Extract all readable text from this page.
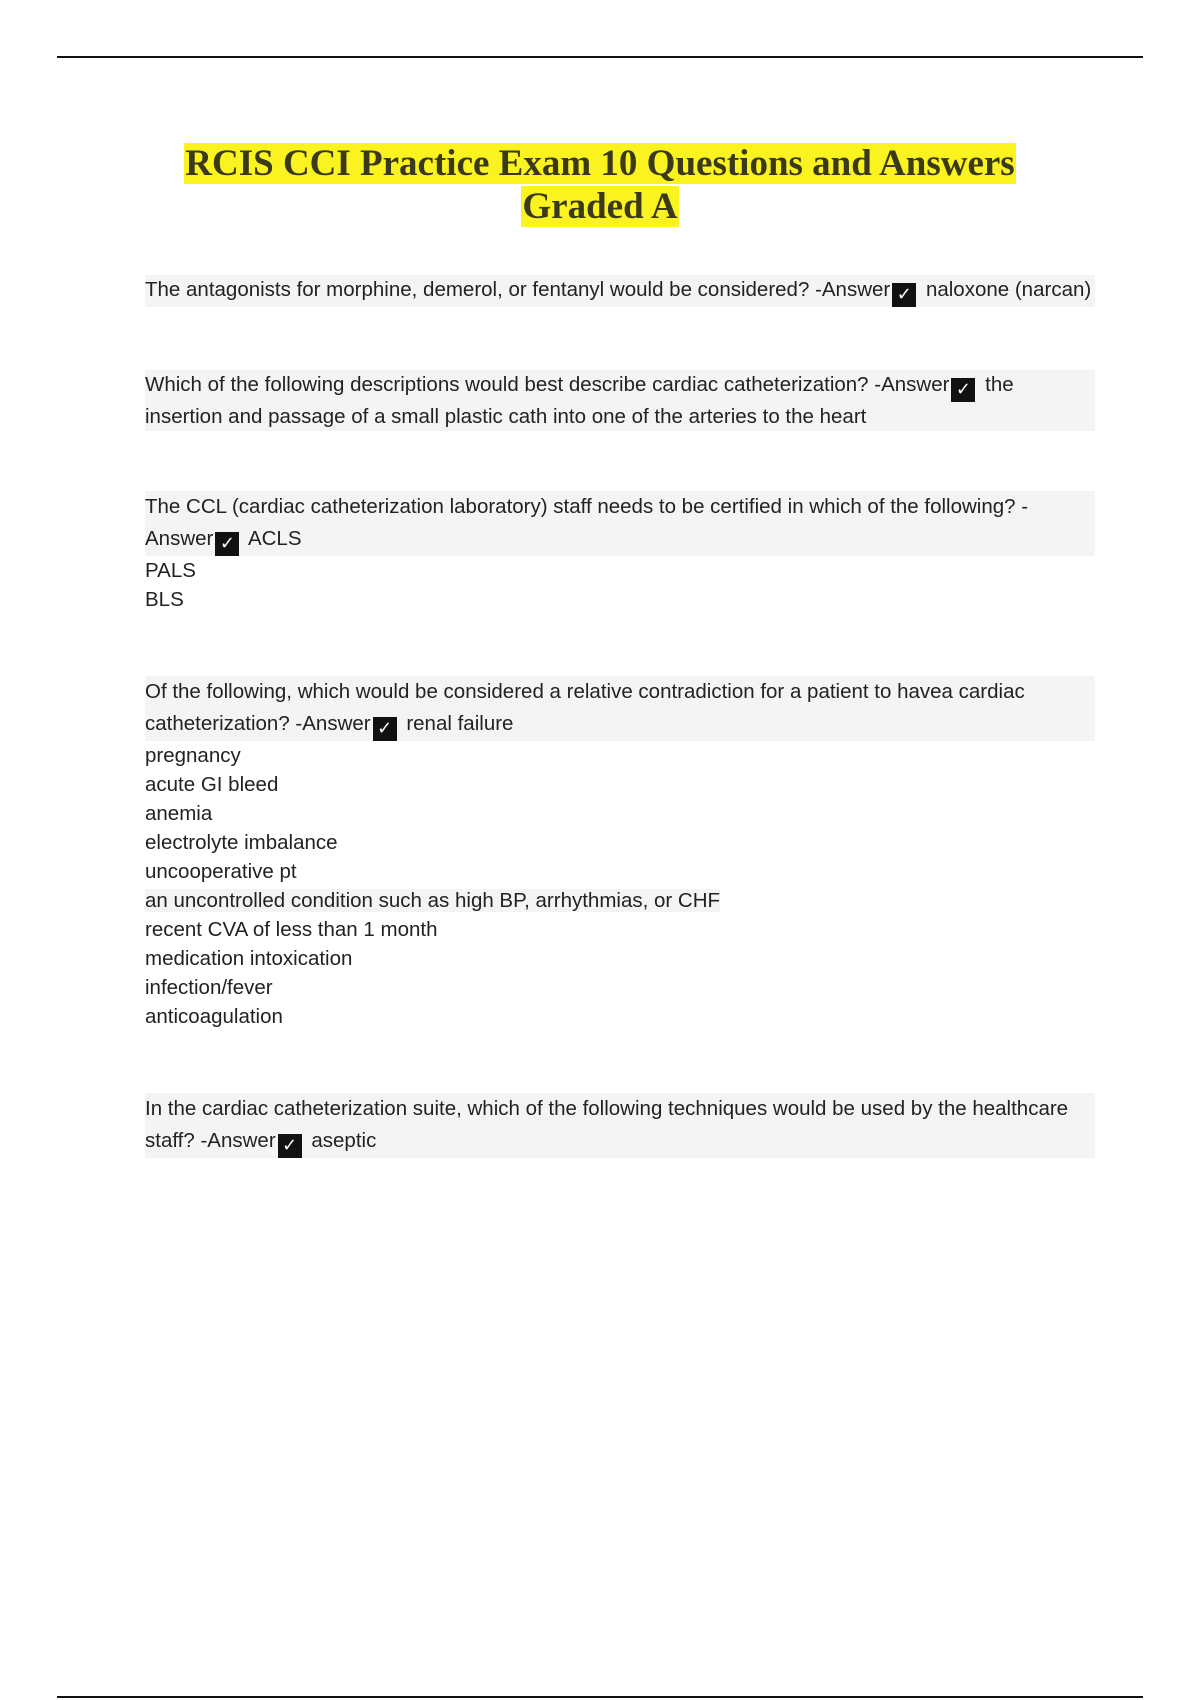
RCIS CCI Practice Exam 10 Questions and Answers
Graded A

The antagonists for morphine, demerol, or fentanyl would be considered? -Answer ✓ naloxone (narcan)

Which of the following descriptions would best describe cardiac catheterization? -Answer ✓ the insertion and passage of a small plastic cath into one of the arteries to the heart

The CCL (cardiac catheterization laboratory) staff needs to be certified in which of the following? -Answer ✓ ACLS

PALS

BLS

Of the following, which would be considered a relative contradiction for a patient to havea cardiac catheterization? -Answer ✓ renal failure

pregnancy

acute GI bleed

anemia

electrolyte imbalance

uncooperative pt

an uncontrolled condition such as high BP, arrhythmias, or CHF

recent CVA of less than 1 month

medication intoxication

infection/fever

anticoagulation

In the cardiac catheterization suite, which of the following techniques would be used by the healthcare staff? -Answer ✓ aseptic
